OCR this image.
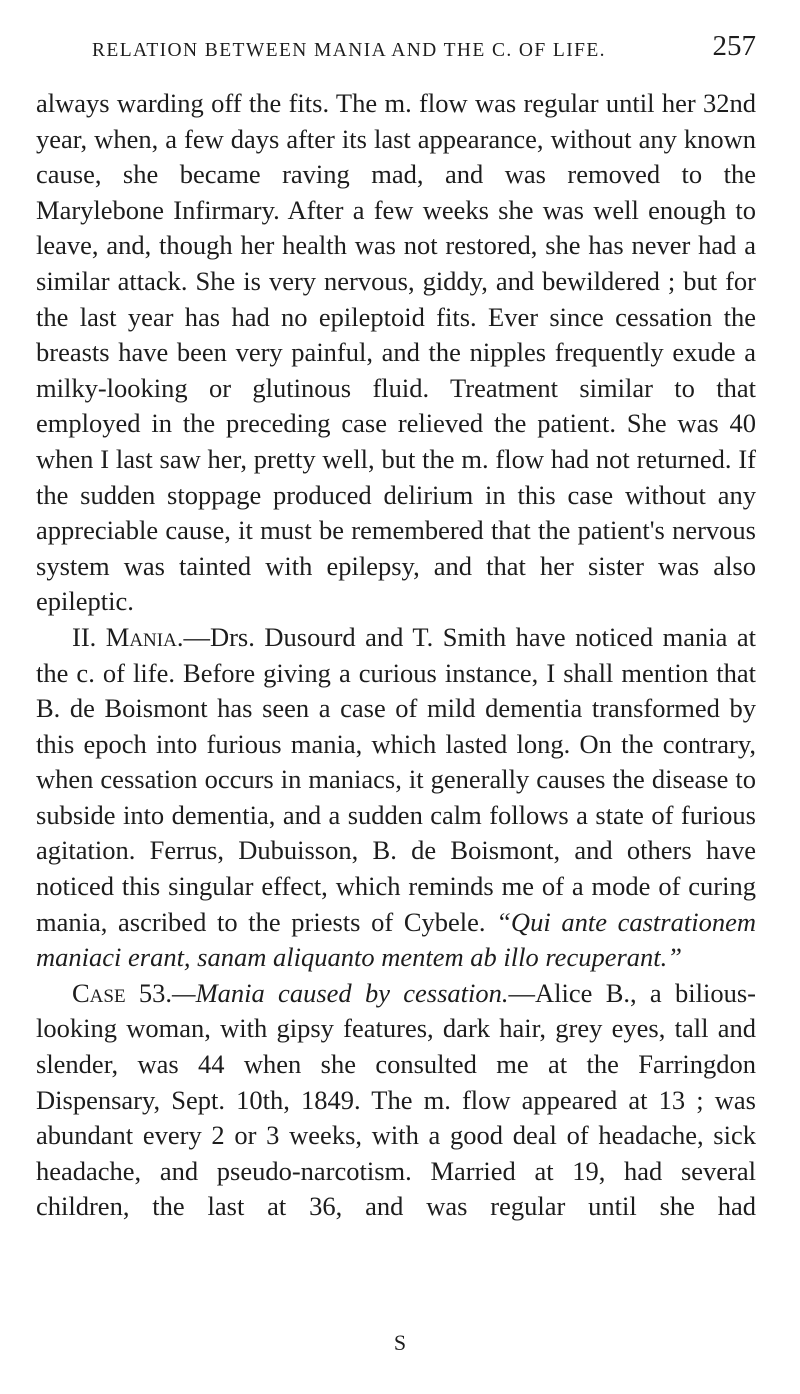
RELATION BETWEEN MANIA AND THE C. OF LIFE.	257

always warding off the fits. The m. flow was regular until her 32nd year, when, a few days after its last appearance, without any known cause, she became raving mad, and was removed to the Marylebone Infirmary. After a few weeks she was well enough to leave, and, though her health was not restored, she has never had a similar attack. She is very nervous, giddy, and bewildered ; but for the last year has had no epileptoid fits. Ever since cessation the breasts have been very painful, and the nipples frequently exude a milky-looking or glutinous fluid. Treatment similar to that employed in the preceding case relieved the patient. She was 40 when I last saw her, pretty well, but the m. flow had not returned. If the sudden stoppage produced delirium in this case without any appreciable cause, it must be remembered that the patient's nervous system was tainted with epilepsy, and that her sister was also epileptic.

II. Mania.—Drs. Dusourd and T. Smith have noticed mania at the c. of life. Before giving a curious instance, I shall mention that B. de Boismont has seen a case of mild dementia transformed by this epoch into furious mania, which lasted long. On the contrary, when cessation occurs in maniacs, it generally causes the disease to subside into dementia, and a sudden calm follows a state of furious agitation. Ferrus, Dubuisson, B. de Boismont, and others have noticed this singular effect, which reminds me of a mode of curing mania, ascribed to the priests of Cybele. “Qui ante castrationem maniaci erant, sanam aliquanto mentem ab illo recuperant.”

Case 53.—Mania caused by cessation.—Alice B., a bilious-looking woman, with gipsy features, dark hair, grey eyes, tall and slender, was 44 when she consulted me at the Farringdon Dispensary, Sept. 10th, 1849. The m. flow appeared at 13 ; was abundant every 2 or 3 weeks, with a good deal of headache, sick headache, and pseudo-narcotism. Married at 19, had several children, the last at 36, and was regular until she had

S
